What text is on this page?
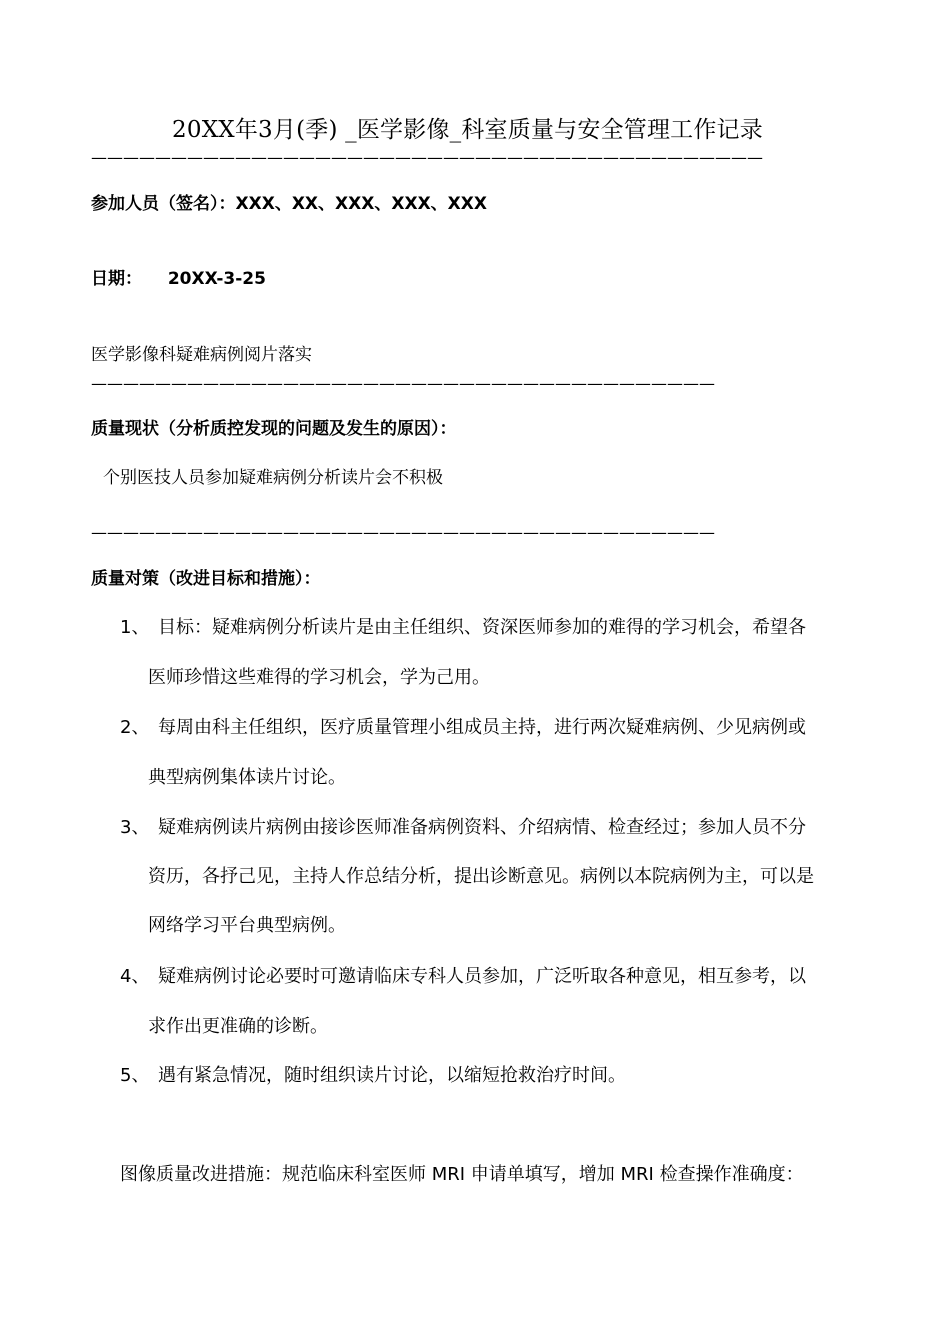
20XX年3月(季) _医学影像_科室质量与安全管理工作记录
——————————————————————————————————————————
参加人员（签名）：XXX、XX、XXX、XXX、XXX
日期： 20XX-3-25
医学影像科疑难病例阅片落实
———————————————————————————————————————
质量现状（分析质控发现的问题及发生的原因）：
个别医技人员参加疑难病例分析读片会不积极
———————————————————————————————————————
质量对策（改进目标和措施）：
1、 目标：疑难病例分析读片是由主任组织、资深医师参加的难得的学习机会，希望各
医师珍惜这些难得的学习机会，学为己用。
2、 每周由科主任组织，医疗质量管理小组成员主持，进行两次疑难病例、少见病例或
典型病例集体读片讨论。
3、 疑难病例读片病例由接诊医师准备病例资料、介绍病情、检查经过；参加人员不分
资历，各抒己见，主持人作总结分析，提出诊断意见。病例以本院病例为主，可以是
网络学习平台典型病例。
4、 疑难病例讨论必要时可邀请临床专科人员参加，广泛听取各种意见，相互参考，以
求作出更准确的诊断。
5、 遇有紧急情况，随时组织读片讨论，以缩短抢救治疗时间。
图像质量改进措施：规范临床科室医师 MRI 申请单填写，增加 MRI 检查操作准确度：
